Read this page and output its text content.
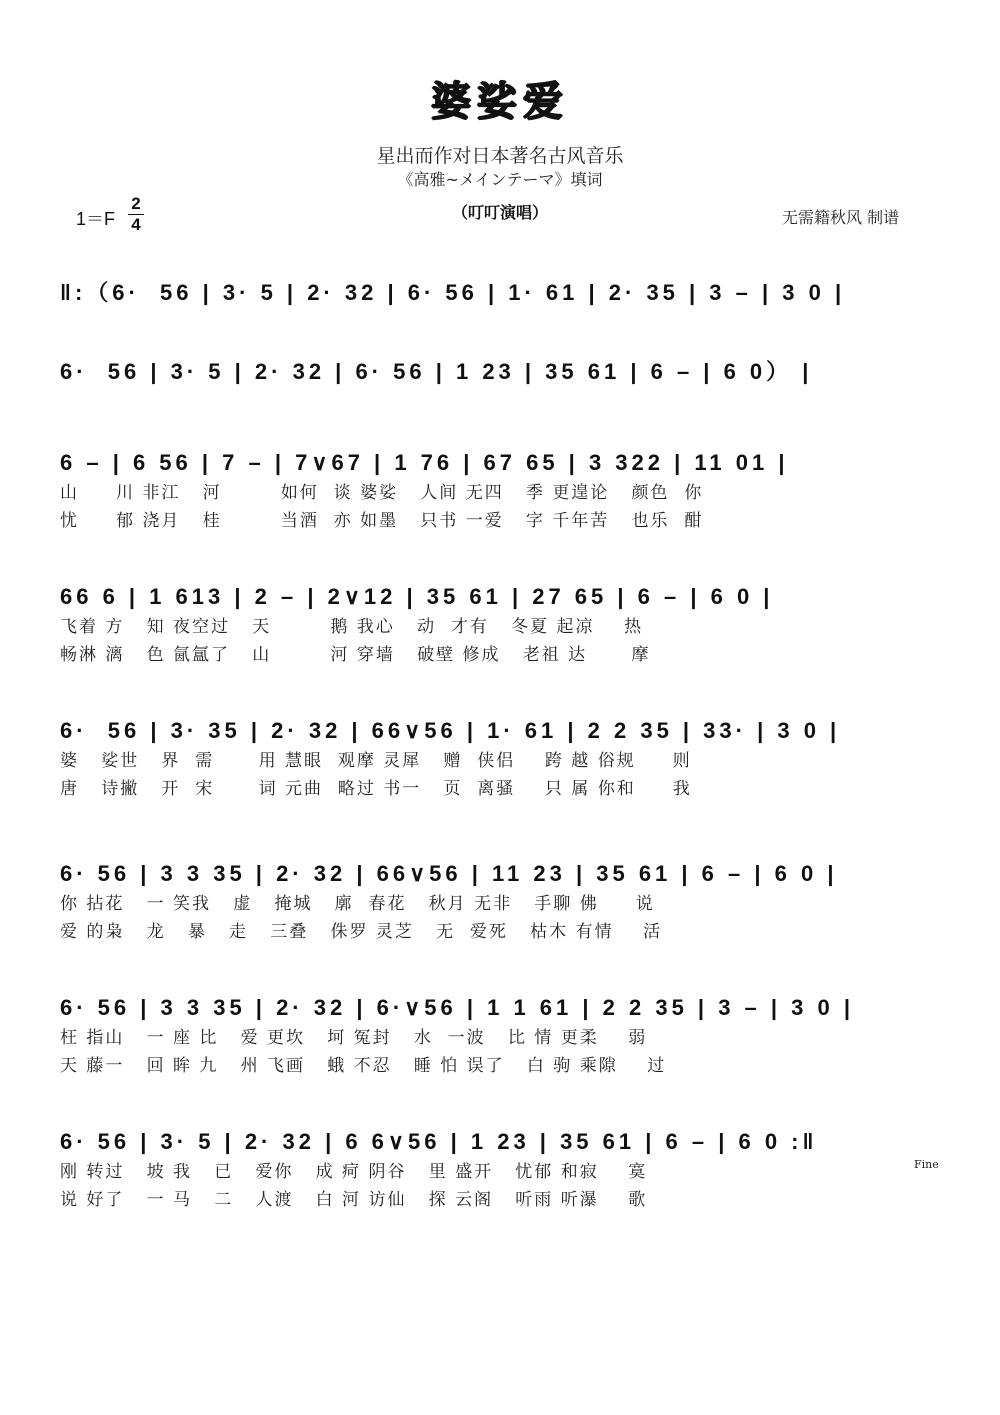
婆娑爱
星出而作对日本著名古风音乐
《高雅~メインテーマ》填词
（叮叮演唱）
1＝F
2
4	无需籍秋风 制谱
‖:（6·  56 | 3· 5 | 2· 32 | 6· 56 | 1· 61 | 2· 35 | 3 – | 3 0 |
6·  56 | 3· 5 | 2· 32 | 6· 56 | 1 23 | 35 61 | 6 – | 6 0） |
6 – | 6 56 | 7 – | 7∨67 | 1 76 | 67 65 | 3 322 | 11 01 |
山     川 非江   河        如何  谈 婆娑   人间 无四   季 更遑论   颜色  你
忧     郁 浇月   桂        当酒  亦 如墨   只书 一爱   字 千年苦   也乐  酣
66 6 | 1 613 | 2 – | 2∨12 | 35 61 | 27 65 | 6 – | 6 0 |
飞着 方   知 夜空过   天        鹅 我心   动  才有   冬夏 起凉    热
畅淋 漓   色 氤氲了   山        河 穿墙   破壁 修成   老祖 达      摩
6·  56 | 3· 35 | 2· 32 | 66∨56 | 1· 61 | 2 2 35 | 33· | 3 0 |
婆   娑世   界  需      用 慧眼  观摩 灵犀   赠  侠侣    跨 越 俗规     则
唐   诗撇   开  宋      词 元曲  略过 书一   页  离骚    只 属 你和     我
6· 56 | 3 3 35 | 2· 32 | 66∨56 | 11 23 | 35 61 | 6 – | 6 0 |
你 拈花   一 笑我   虚   掩城   廓  春花   秋月 无非   手聊 佛     说
爱 的枭   龙   暴   走   三叠   侏罗 灵芝   无  爱死   枯木 有情    活
6· 56 | 3 3 35 | 2· 32 | 6·∨56 | 1 1 61 | 2 2 35 | 3 – | 3 0 |
枉 指山   一 座 比   爱 更坎   坷 冤封   水  一波   比 情 更柔    弱
天 藤一   回 眸 九   州 飞画   蛾 不忍   睡 怕 误了   白 驹 乘隙    过
6· 56 | 3· 5 | 2· 32 | 6 6∨56 | 1 23 | 35 61 | 6 – | 6 0 :‖
刚 转过   坡 我   已   爱你   成 疴 阴谷   里 盛开   忧郁 和寂    寞
说 好了   一 马   二   人渡   白 河 访仙   探 云阁   听雨 听瀑    歌
Fine
